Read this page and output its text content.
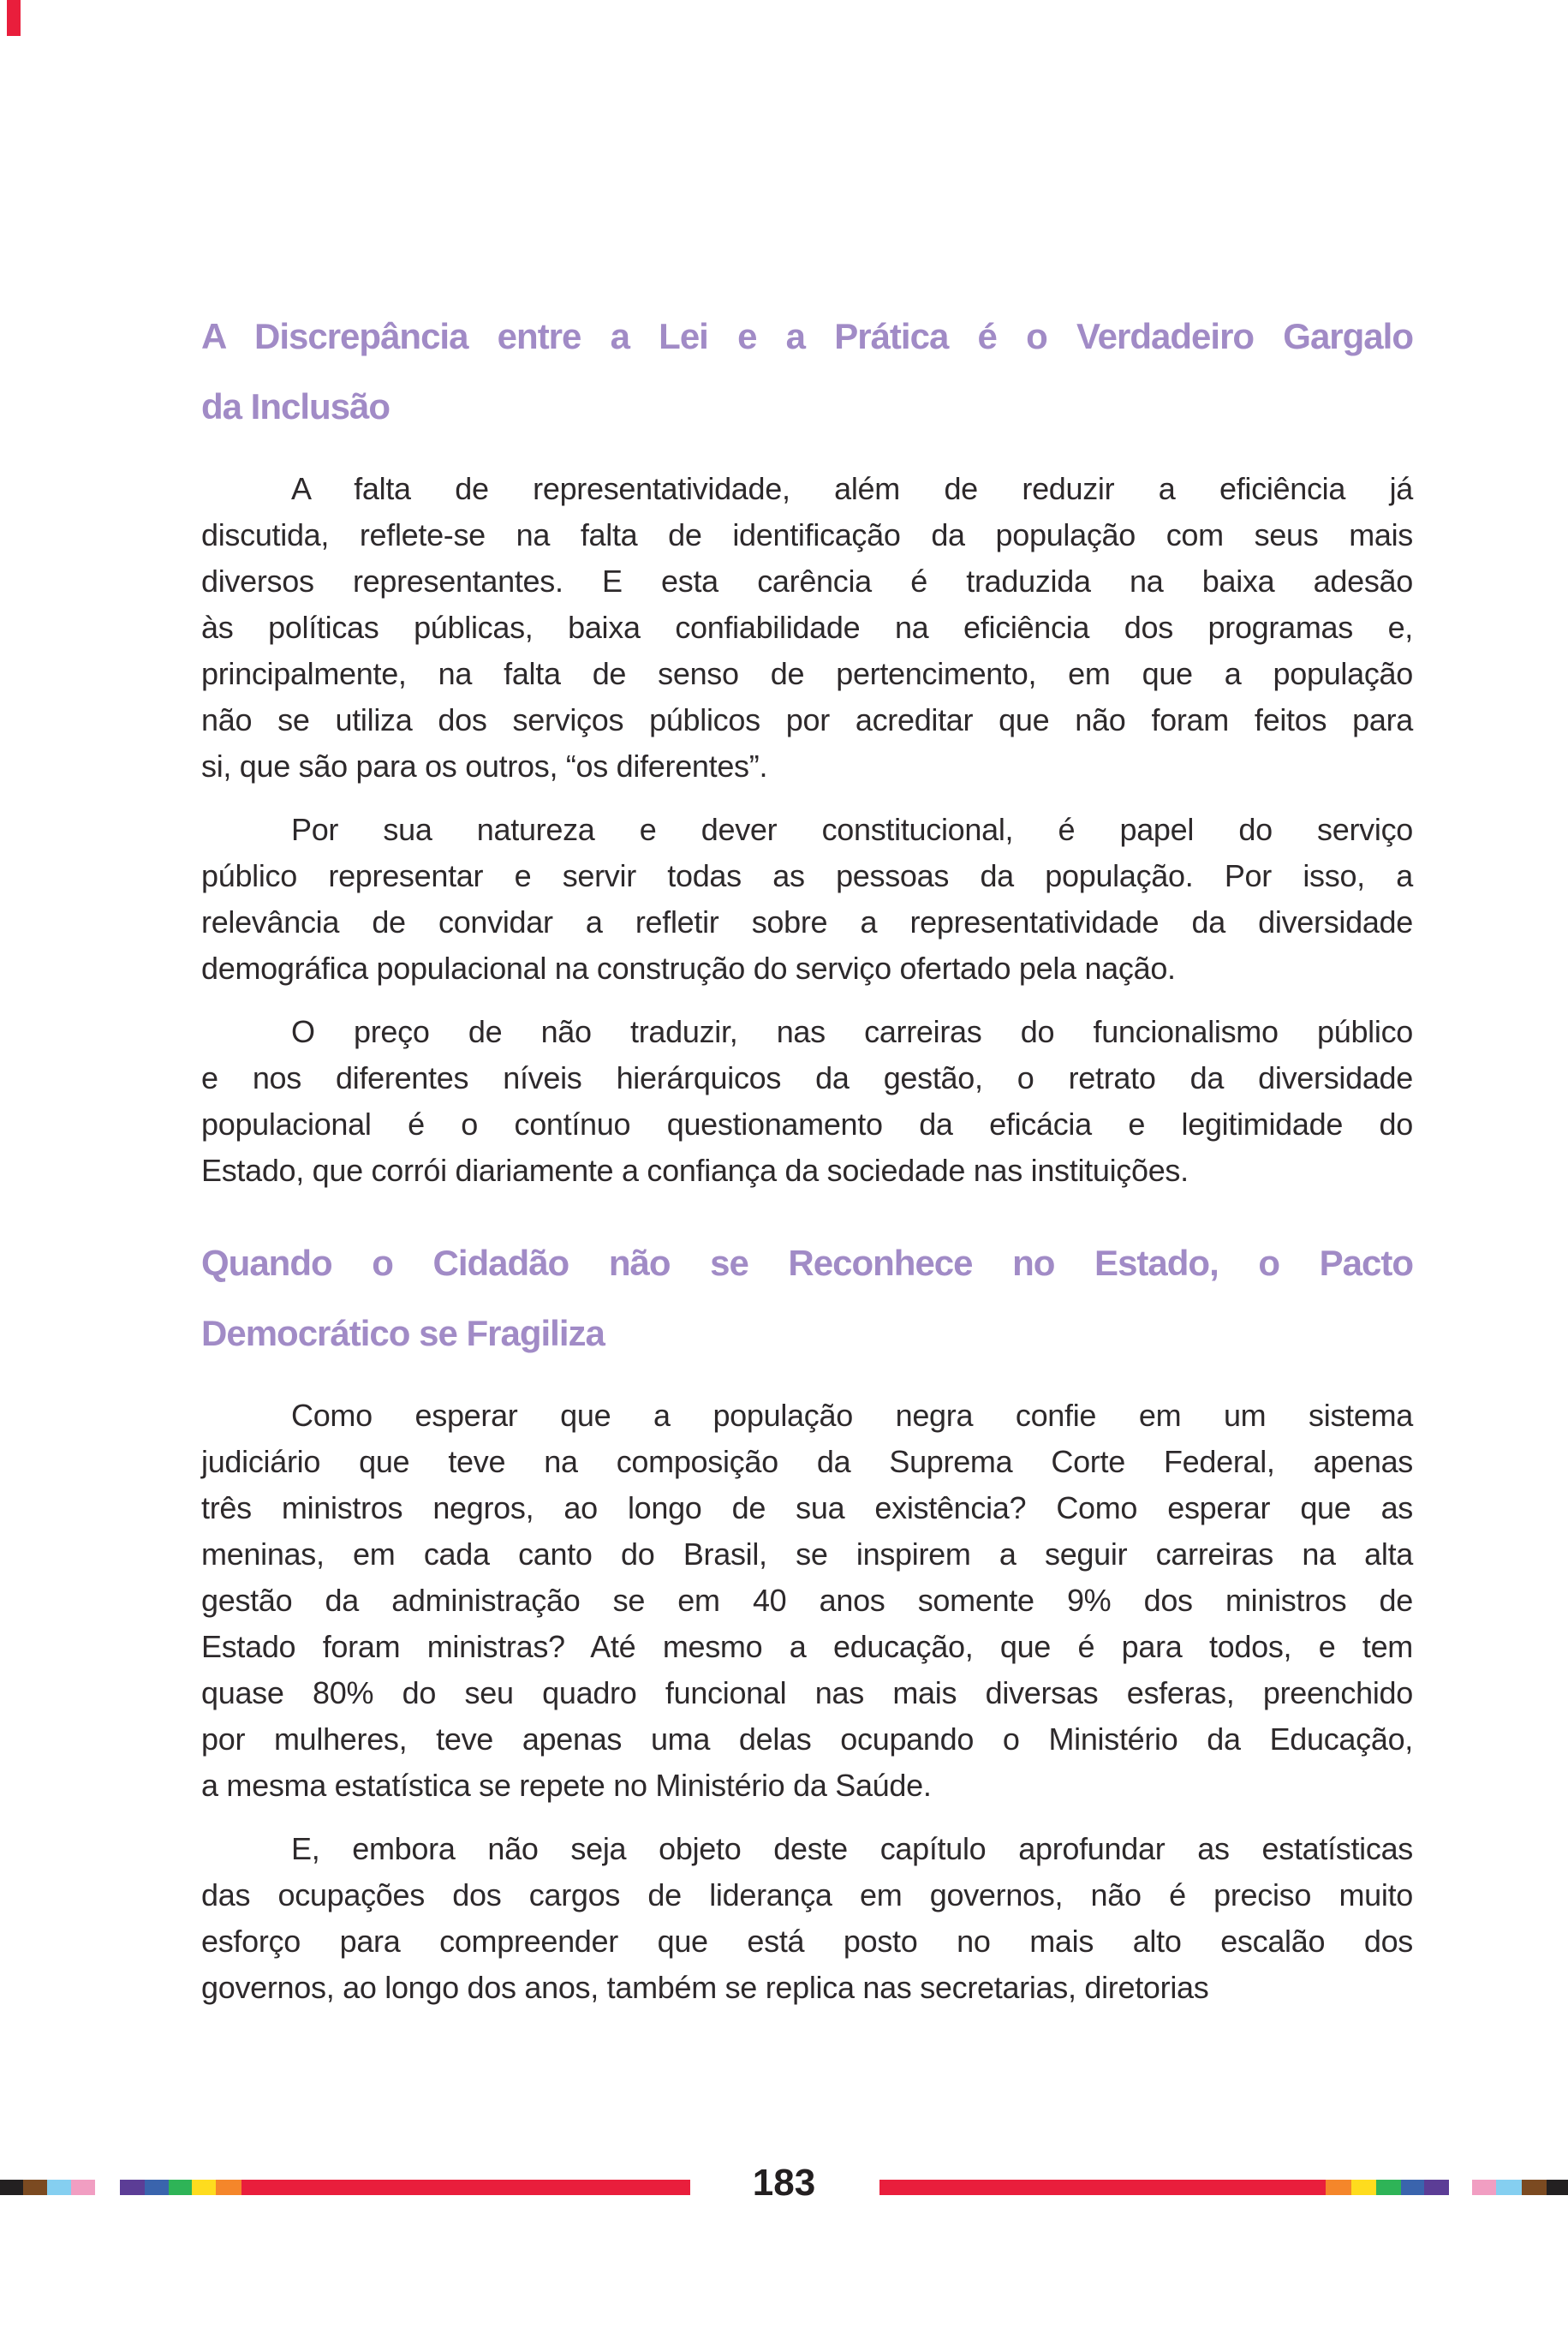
A Discrepância entre a Lei e a Prática é o Verdadeiro Gargalo
da Inclusão
A falta de representatividade, além de reduzir a eficiência já
discutida, reflete-se na falta de identificação da população com seus mais
diversos representantes. E esta carência é traduzida na baixa adesão
às políticas públicas, baixa confiabilidade na eficiência dos programas e,
principalmente, na falta de senso de pertencimento, em que a população
não se utiliza dos serviços públicos por acreditar que não foram feitos para
si, que são para os outros, “os diferentes”.
Por sua natureza e dever constitucional, é papel do serviço
público representar e servir todas as pessoas da população. Por isso, a
relevância de convidar a refletir sobre a representatividade da diversidade
demográfica populacional na construção do serviço ofertado pela nação.
O preço de não traduzir, nas carreiras do funcionalismo público
e nos diferentes níveis hierárquicos da gestão, o retrato da diversidade
populacional é o contínuo questionamento da eficácia e legitimidade do
Estado, que corrói diariamente a confiança da sociedade nas instituições.
Quando o Cidadão não se Reconhece no Estado, o Pacto
Democrático se Fragiliza
Como esperar que a população negra confie em um sistema
judiciário que teve na composição da Suprema Corte Federal, apenas
três ministros negros, ao longo de sua existência? Como esperar que as
meninas, em cada canto do Brasil, se inspirem a seguir carreiras na alta
gestão da administração se em 40 anos somente 9% dos ministros de
Estado foram ministras? Até mesmo a educação, que é para todos, e tem
quase 80% do seu quadro funcional nas mais diversas esferas, preenchido
por mulheres, teve apenas uma delas ocupando o Ministério da Educação,
a mesma estatística se repete no Ministério da Saúde.
E, embora não seja objeto deste capítulo aprofundar as estatísticas
das ocupações dos cargos de liderança em governos, não é preciso muito
esforço para compreender que está posto no mais alto escalão dos
governos, ao longo dos anos, também se replica nas secretarias, diretorias
183
